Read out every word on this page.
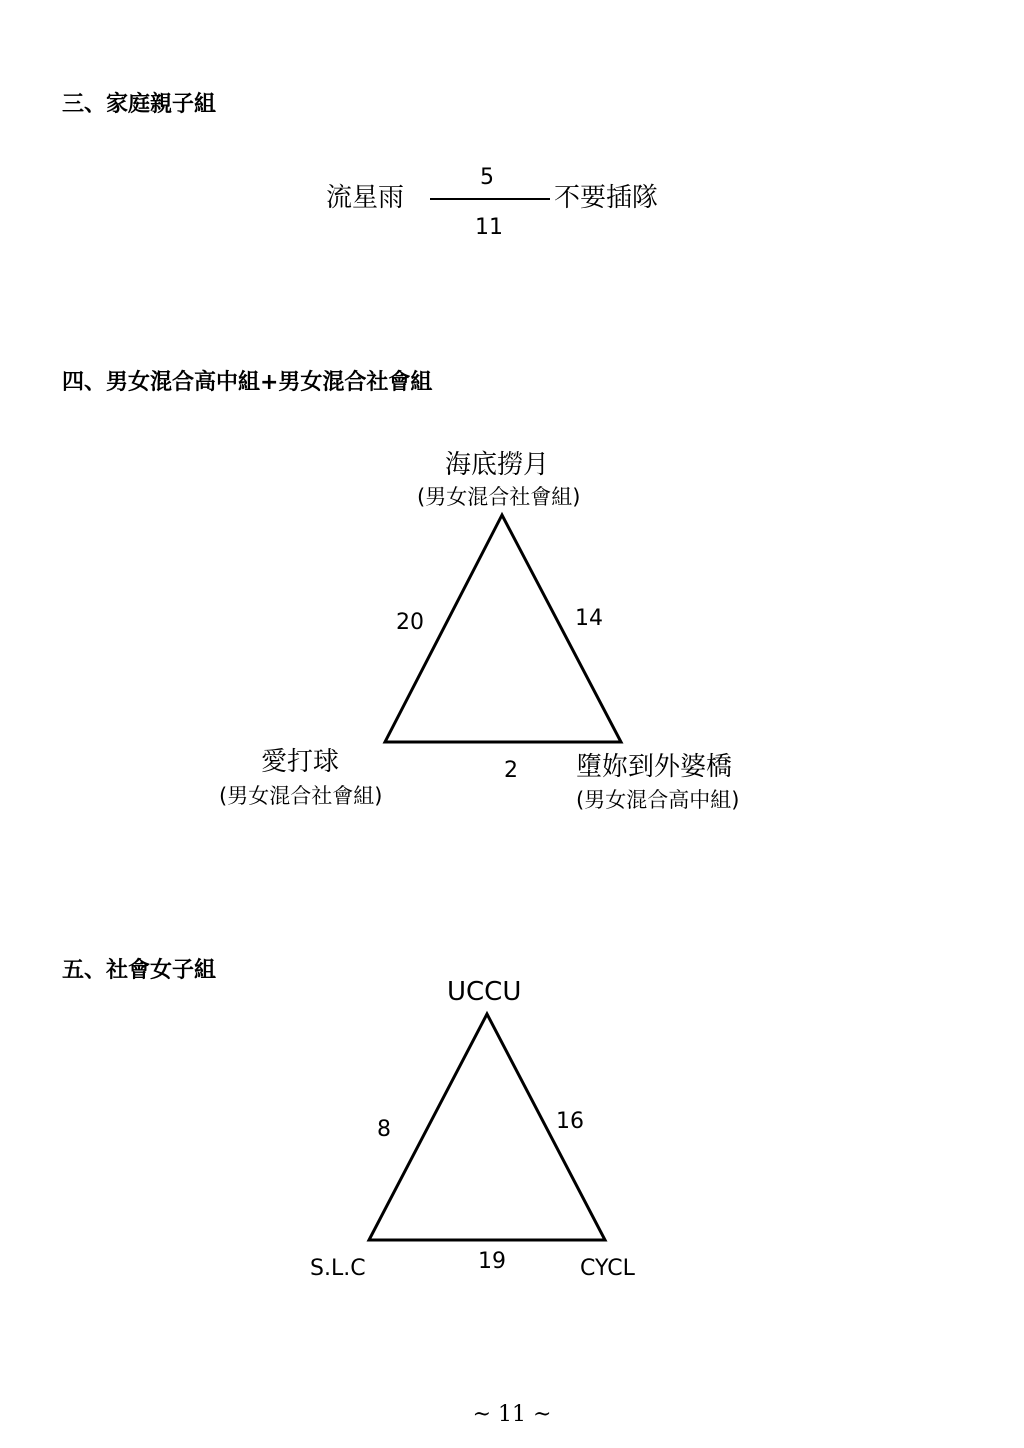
三、家庭親子組
流星雨	不要插隊
5
11
四、男女混合高中組+男女混合社會組
海底撈月
(男女混合社會組)
20	14
2
愛打球
(男女混合社會組)
墮妳到外婆橋
(男女混合高中組)
五、社會女子組
UCCU
8	16
19
S.L.C	CYCL
~ 11 ~
